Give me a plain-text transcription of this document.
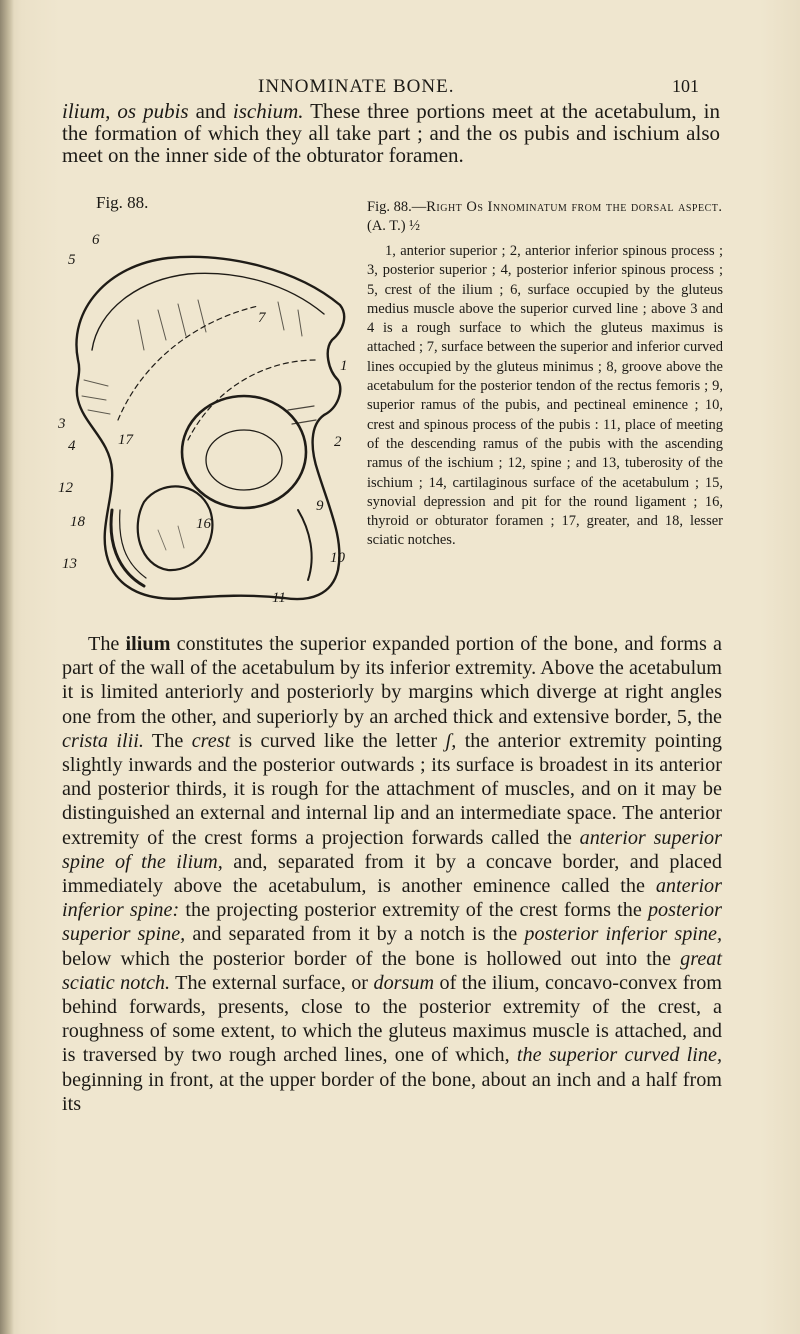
INNOMINATE BONE.	101

ilium, os pubis and ischium. These three portions meet at the acetabulum, in the formation of which they all take part ; and the os pubis and ischium also meet on the inner side of the obturator foramen.

Fig. 88.
5
6
7
1
2
3
4	17
12
18
9
16
13	10
11

Fig. 88.—Right Os Innominatum from the dorsal aspect. (A. T.) ½

1, anterior superior ; 2, anterior inferior spinous process ; 3, posterior superior ; 4, posterior inferior spinous process ; 5, crest of the ilium ; 6, surface occupied by the gluteus medius muscle above the superior curved line ; above 3 and 4 is a rough surface to which the gluteus maximus is attached ; 7, surface between the superior and inferior curved lines occupied by the gluteus minimus ; 8, groove above the acetabulum for the posterior tendon of the rectus femoris ; 9, superior ramus of the pubis, and pectineal eminence ; 10, crest and spinous process of the pubis : 11, place of meeting of the descending ramus of the pubis with the ascending ramus of the ischium ; 12, spine ; and 13, tuberosity of the ischium ; 14, cartilaginous surface of the acetabulum ; 15, synovial depression and pit for the round ligament ; 16, thyroid or obturator foramen ; 17, greater, and 18, lesser sciatic notches.

The ilium constitutes the superior expanded portion of the bone, and forms a part of the wall of the acetabulum by its inferior extremity. Above the acetabulum it is limited anteriorly and posteriorly by margins which diverge at right angles one from the other, and superiorly by an arched thick and extensive border, 5, the crista ilii. The crest is curved like the letter ʃ, the anterior extremity pointing slightly inwards and the posterior outwards ; its surface is broadest in its anterior and posterior thirds, it is rough for the attachment of muscles, and on it may be distinguished an external and internal lip and an intermediate space. The anterior extremity of the crest forms a projection forwards called the anterior superior spine of the ilium, and, separated from it by a concave border, and placed immediately above the acetabulum, is another eminence called the anterior inferior spine: the projecting posterior extremity of the crest forms the posterior superior spine, and separated from it by a notch is the posterior inferior spine, below which the posterior border of the bone is hollowed out into the great sciatic notch. The external surface, or dorsum of the ilium, concavo-convex from behind forwards, presents, close to the posterior extremity of the crest, a roughness of some extent, to which the gluteus maximus muscle is attached, and is traversed by two rough arched lines, one of which, the superior curved line, beginning in front, at the upper border of the bone, about an inch and a half from its
